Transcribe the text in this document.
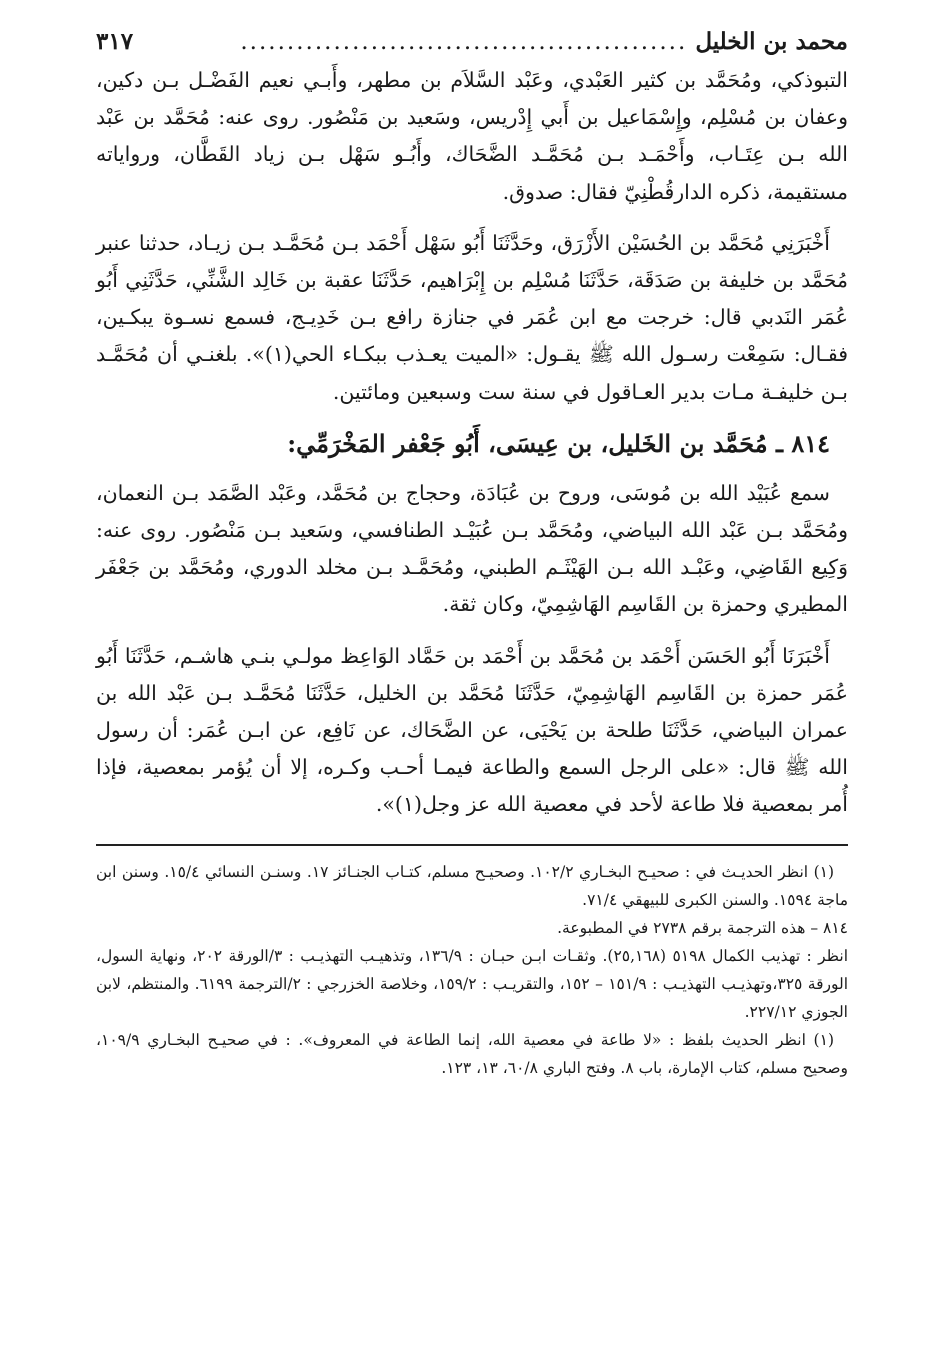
محمد بن الخليل
................................................
٣١٧

التبوذكي، ومُحَمَّد بن كثير العَبْدي، وعَبْد السَّلاَم بن مطهر، وأَبـي نعيم الفَضْـل بـن دكين، وعفان بن مُسْلِم، وإِسْمَاعيل بن أَبي إِدْريس، وسَعيد بن مَنْصُور. روى عنه: مُحَمَّد بن عَبْد الله بـن عِتَـاب، وأَحْمَـد بـن مُحَمَّـد الضَّحَاك، وأَبُـو سَهْل بـن زياد القَطَّان، ورواياته مستقيمة، ذكره الدارقُطْنِيّ فقال: صدوق.

أَخْبَرَنِي مُحَمَّد بن الحُسَيْن الأَزْرَق، وحَدَّثَنَا أَبُو سَهْل أَحْمَد بـن مُحَمَّـد بـن زيـاد، حدثنا عنبر مُحَمَّد بن خليفة بن صَدَقَة، حَدَّثَنَا مُسْلِم بن إِبْرَاهيم، حَدَّثَنَا عقبة بن خَالِد الشَّنِّي، حَدَّثَنِي أَبُو عُمَر النَدبي قال: خرجت مع ابن عُمَر في جنازة رافع بـن خَدِيـج، فسمع نسـوة يبكـين، فقـال: سَمِعْت رسـول الله ﷺ يقـول: «الميت يعـذب ببكـاء الحي(١)». بلغنـي أن مُحَمَّـد بـن خليفـة مـات بدير العـاقول في سنة ست وسبعين ومائتين.

٨١٤ ـ مُحَمَّد بن الخَليل، بن عِيسَى، أَبُو جَعْفر المَخْرَمِّي:

سمع عُبَيْد الله بن مُوسَى، وروح بن عُبَادَة، وحجاج بن مُحَمَّد، وعَبْد الصَّمَد بـن النعمان، ومُحَمَّد بـن عَبْد الله البياضي، ومُحَمَّد بـن عُبَيْـد الطنافسي، وسَعيد بـن مَنْصُور. روى عنه: وَكِيع القَاضِي، وعَبْـد الله بـن الهَيْثَـم الطبني، ومُحَمَّـد بـن مخلد الدوري، ومُحَمَّد بن جَعْفَر المطيري وحمزة بن القَاسِم الهَاشِمِيّ، وكان ثقة.

أَخْبَرَنَا أَبُو الحَسَن أَحْمَد بن مُحَمَّد بن أَحْمَد بن حَمَّاد الوَاعِظ مولـي بنـي هاشـم، حَدَّثَنَا أَبُو عُمَر حمزة بن القَاسِم الهَاشِمِيّ، حَدَّثَنَا مُحَمَّد بن الخليل، حَدَّثَنَا مُحَمَّـد بـن عَبْد الله بن عمران البياضي، حَدَّثَنَا طلحة بن يَحْيَى، عن الضَّحَاك، عن نَافِع، عن ابـن عُمَر: أن رسول الله ﷺ قال: «على الرجل السمع والطاعة فيمـا أحـب وكـره، إلا أن يُؤمر بمعصية، فإذا أُمر بمعصية فلا طاعة لأحد في معصية الله عز وجل(١)».

(١) انظر الحديـث في : صحيـح البخـاري ١٠٢/٢. وصحيـح مسلم، كتـاب الجنـائز ١٧. وسنـن النسائي ١٥/٤. وسنن ابن ماجة ١٥٩٤. والسنن الكبرى للبيهقي ٧١/٤.

٨١٤ – هذه الترجمة برقم ٢٧٣٨ في المطبوعة.

انظر : تهذيب الكمال ٥١٩٨ (٢٥,١٦٨). وثقـات ابـن حبـان : ١٣٦/٩، وتذهيـب التهذيـب : ٣/الورقة ٢٠٢، ونهاية السول، الورقة ٣٢٥،وتهذيـب التهذيـب : ١٥١/٩ – ١٥٢، والتقريـب : ١٥٩/٢، وخلاصة الخزرجي : ٢/الترجمة ٦١٩٩. والمنتظم، لابن الجوزي ٢٢٧/١٢.

(١) انظر الحديث بلفظ : «لا طاعة في معصية الله، إنما الطاعة في المعروف». : في صحيـح البخـاري ١٠٩/٩، وصحيح مسلم، كتاب الإمارة، باب ٨. وفتح الباري ٦٠/٨، ١٣، ١٢٣.
